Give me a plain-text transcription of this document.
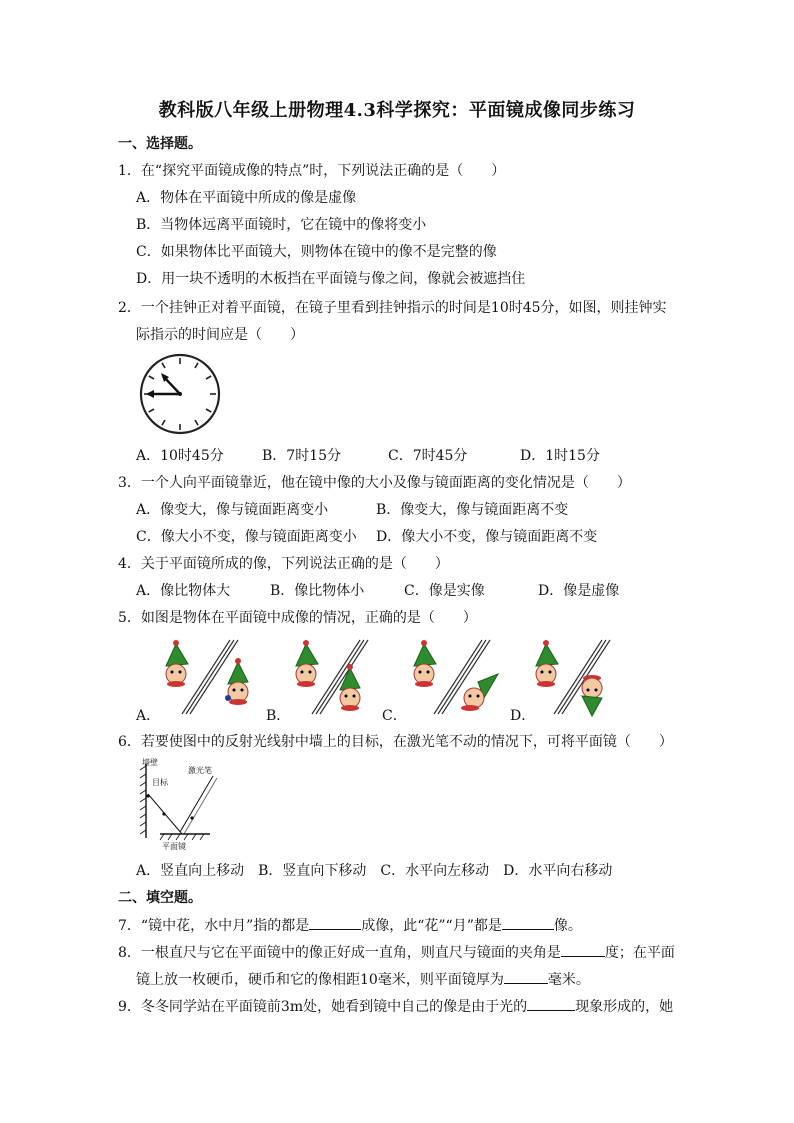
教科版八年级上册物理4.3科学探究：平面镜成像同步练习
一、选择题。
1．在“探究平面镜成像的特点”时，下列说法正确的是（　　）
A．物体在平面镜中所成的像是虚像
B．当物体远离平面镜时，它在镜中的像将变小
C．如果物体比平面镜大，则物体在镜中的像不是完整的像
D．用一块不透明的木板挡在平面镜与像之间，像就会被遮挡住
2．一个挂钟正对着平面镜，在镜子里看到挂钟指示的时间是10时45分，如图，则挂钟实
际指示的时间应是（　　）
A．10时45分	B．7时15分	C．7时45分	D．1时15分
3．一个人向平面镜靠近，他在镜中像的大小及像与镜面距离的变化情况是（　　）
A．像变大，像与镜面距离变小	B．像变大，像与镜面距离不变
C．像大小不变，像与镜面距离变小 D．像大小不变，像与镜面距离不变
4．关于平面镜所成的像，下列说法正确的是（　　）
A．像比物体大	B．像比物体小	C．像是实像	D．像是虚像
5．如图是物体在平面镜中成像的情况，正确的是（　　）
A．	B．	C．	D．
6．若要使图中的反射光线射中墙上的目标，在激光笔不动的情况下，可将平面镜（　　）
墙壁
目标
激光笔
平面镜
A．竖直向上移动　B．竖直向下移动　C．水平向左移动　D．水平向右移动
二、填空题。
7．“镜中花，水中月”指的都是	成像，此“花”“月”都是	像。
8．一根直尺与它在平面镜中的像正好成一直角，则直尺与镜面的夹角是	度；在平面
镜上放一枚硬币，硬币和它的像相距10毫米，则平面镜厚为	毫米。
9．冬冬同学站在平面镜前3m处，她看到镜中自己的像是由于光的	现象形成的，她
